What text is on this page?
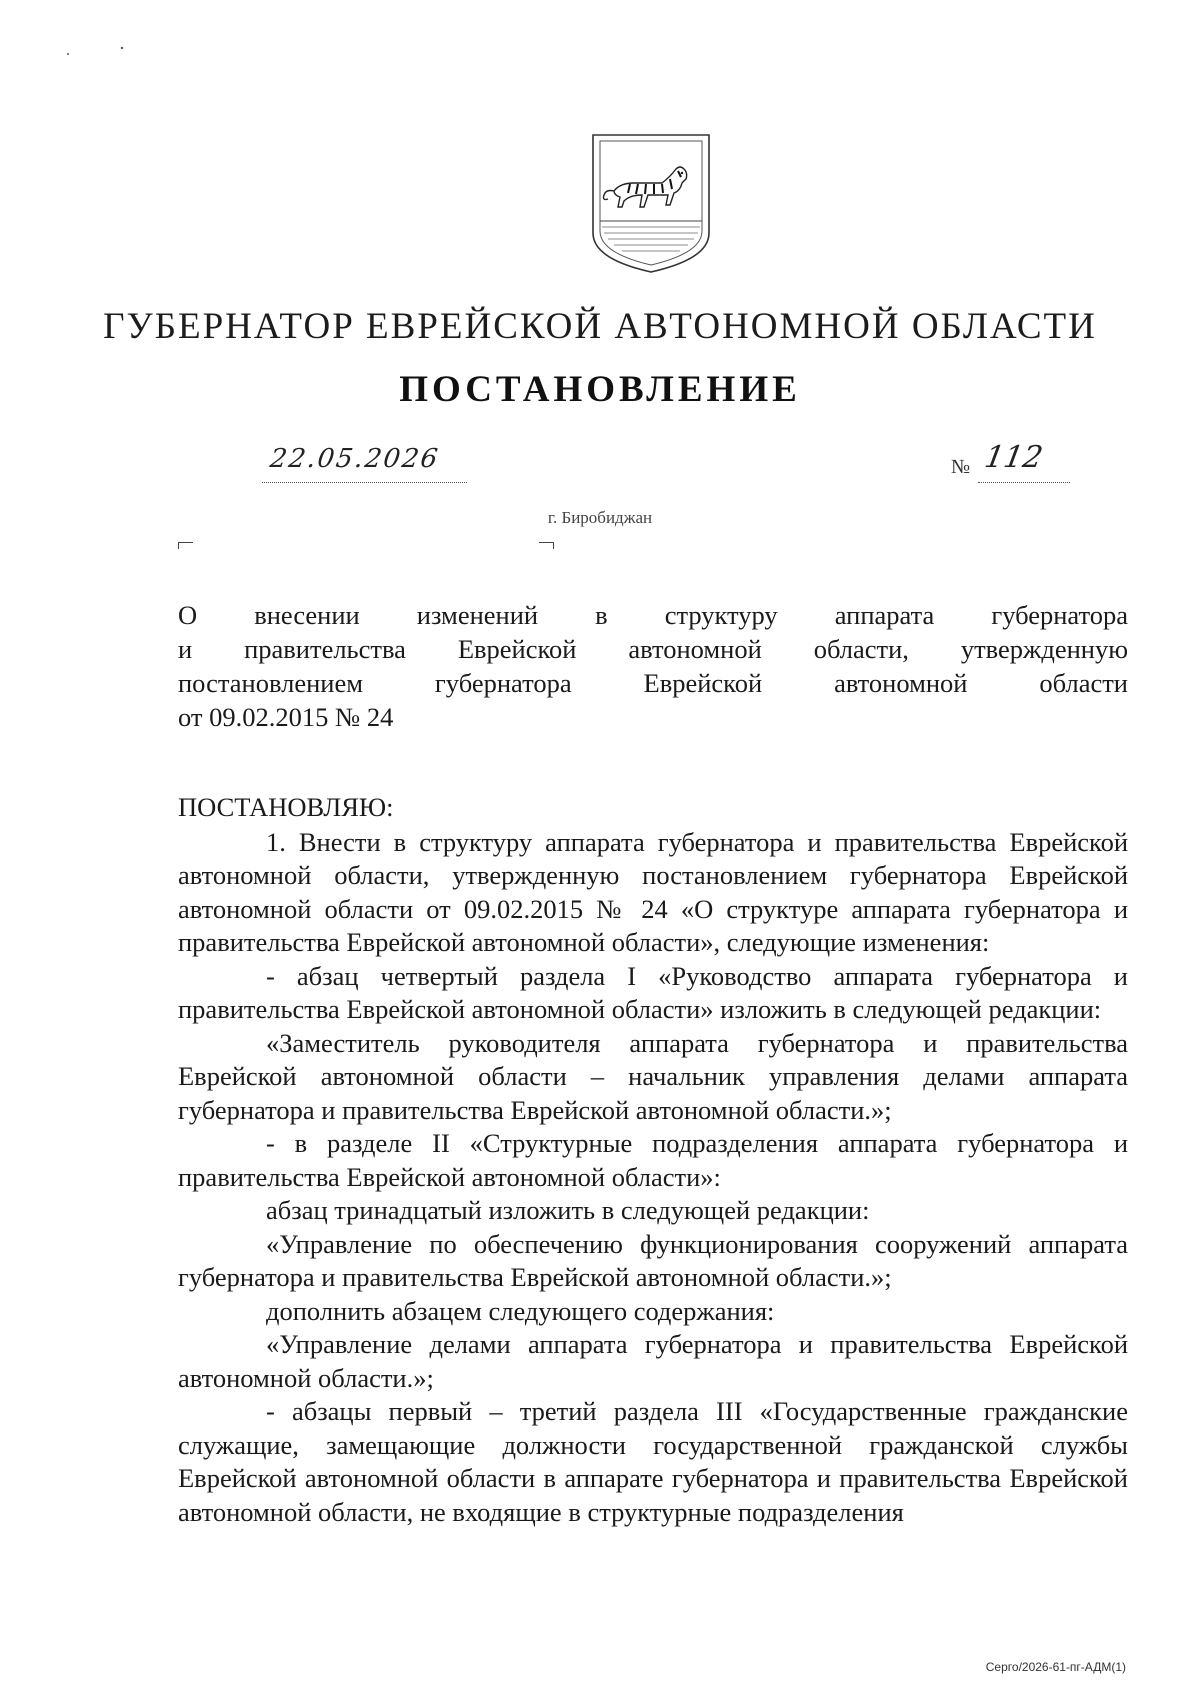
ГУБЕРНАТОР ЕВРЕЙСКОЙ АВТОНОМНОЙ ОБЛАСТИ
ПОСТАНОВЛЕНИЕ
22.05.2026	№ 112
г. Биробиджан
О внесении изменений в структуру аппарата губернатора
и правительства Еврейской автономной области, утвержденную
постановлением губернатора Еврейской автономной области
от 09.02.2015 № 24

ПОСТАНОВЛЯЮ:

1. Внести в структуру аппарата губернатора и правительства Еврейской автономной области, утвержденную постановлением губернатора Еврейской автономной области от 09.02.2015 № 24 «О структуре аппарата губернатора и правительства Еврейской автономной области», следующие изменения:

- абзац четвертый раздела I «Руководство аппарата губернатора и правительства Еврейской автономной области» изложить в следующей редакции:

«Заместитель руководителя аппарата губернатора и правительства Еврейской автономной области – начальник управления делами аппарата губернатора и правительства Еврейской автономной области.»;

- в разделе II «Структурные подразделения аппарата губернатора и правительства Еврейской автономной области»:

абзац тринадцатый изложить в следующей редакции:

«Управление по обеспечению функционирования сооружений аппарата губернатора и правительства Еврейской автономной области.»;

дополнить абзацем следующего содержания:

«Управление делами аппарата губернатора и правительства Еврейской автономной области.»;

- абзацы первый – третий раздела III «Государственные гражданские служащие, замещающие должности государственной гражданской службы Еврейской автономной области в аппарате губернатора и правительства Еврейской автономной области, не входящие в структурные подразделения

Серго/2026-61-пг-АДМ(1)
